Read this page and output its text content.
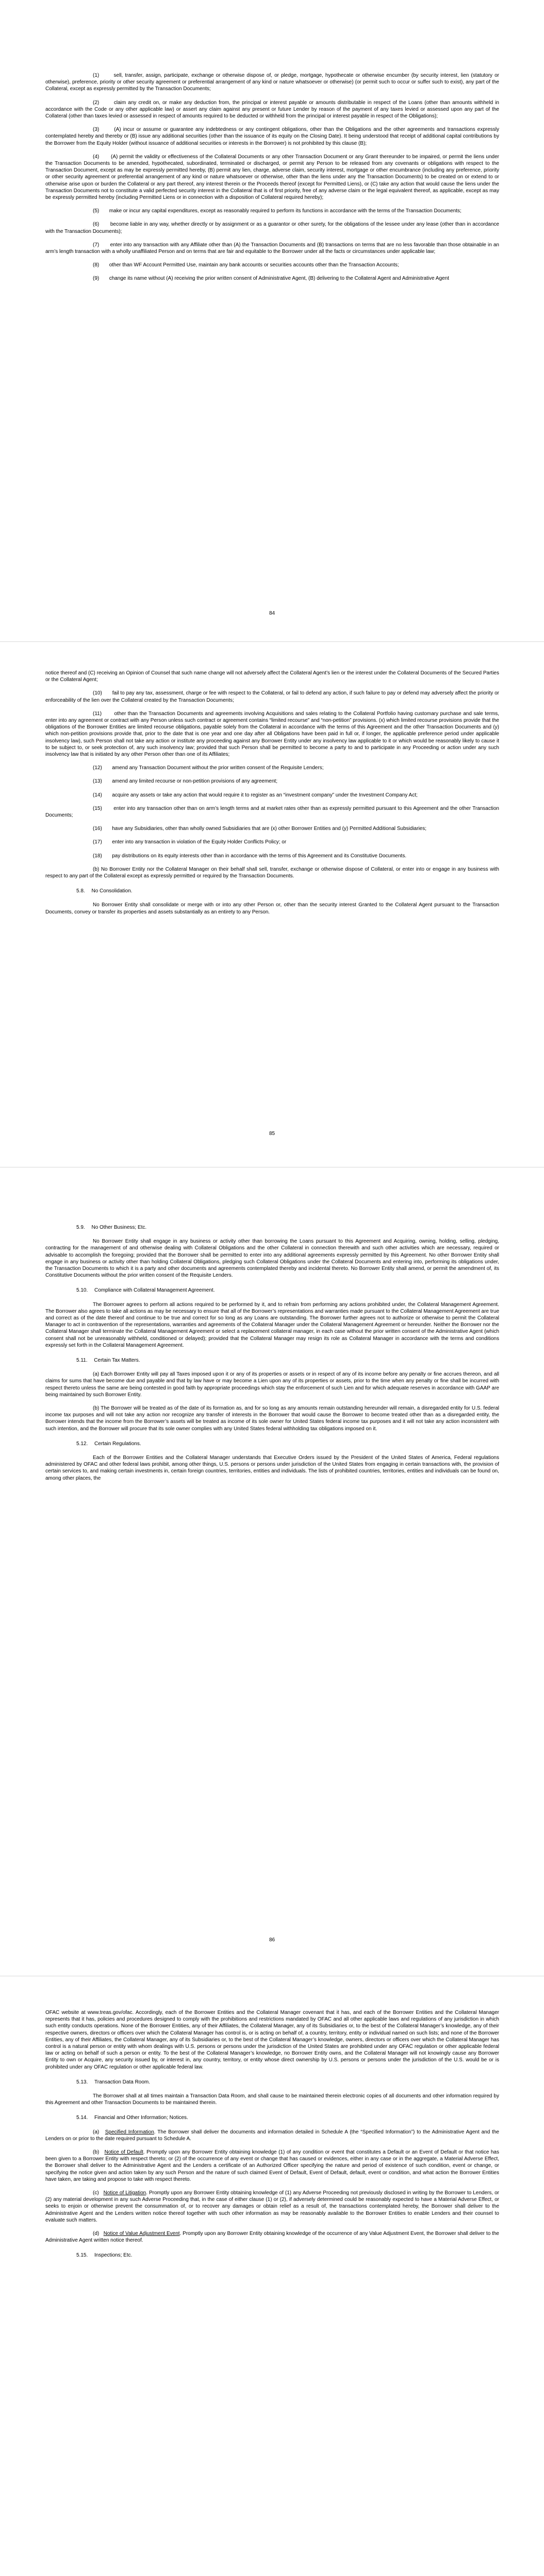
(1)	sell, transfer, assign, participate, exchange or otherwise dispose of, or pledge, mortgage, hypothecate or otherwise encumber (by security interest, lien (statutory or otherwise), preference, priority or other security agreement or preferential arrangement of any kind or nature whatsoever or otherwise) (or permit such to occur or suffer such to exist), any part of the Collateral, except as expressly permitted by the Transaction Documents;

(2)	claim any credit on, or make any deduction from, the principal or interest payable or amounts distributable in respect of the Loans (other than amounts withheld in accordance with the Code or any other applicable law) or assert any claim against any present or future Lender by reason of the payment of any taxes levied or assessed upon any part of the Collateral (other than taxes levied or assessed in respect of amounts required to be deducted or withheld from the principal or interest payable in respect of the Obligations);

(3)	(A) incur or assume or guarantee any indebtedness or any contingent obligations, other than the Obligations and the other agreements and transactions expressly contemplated hereby and thereby or (B) issue any additional securities (other than the issuance of its equity on the Closing Date). It being understood that receipt of additional capital contributions by the Borrower from the Equity Holder (without issuance of additional securities or interests in the Borrower) is not prohibited by this clause (B);

(4) (A) permit the validity or effectiveness of the Collateral Documents or any other Transaction Document or any Grant thereunder to be impaired, or permit the liens under the Transaction Documents to be amended, hypothecated, subordinated, terminated or discharged, or permit any Person to be released from any covenants or obligations with respect to the Transaction Document, except as may be expressly permitted hereby, (B) permit any lien, charge, adverse claim, security interest, mortgage or other encumbrance (including any preference, priority or other security agreement or preferential arrangement of any kind or nature whatsoever or otherwise, other than the liens under any the Transaction Documents) to be created on or extend to or otherwise arise upon or burden the Collateral or any part thereof, any interest therein or the Proceeds thereof (except for Permitted Liens), or (C) take any action that would cause the liens under the Transaction Documents not to constitute a valid perfected security interest in the Collateral that is of first priority, free of any adverse claim or the legal equivalent thereof, as applicable, except as may be expressly permitted hereby (including Permitted Liens or in connection with a disposition of Collateral required hereby);

(5) make or incur any capital expenditures, except as reasonably required to perform its functions in accordance with the terms of the Transaction Documents;

(6) become liable in any way, whether directly or by assignment or as a guarantor or other surety, for the obligations of the lessee under any lease (other than in accordance with the Transaction Documents);

(7) enter into any transaction with any Affiliate other than (A) the Transaction Documents and (B) transactions on terms that are no less favorable than those obtainable in an arm’s length transaction with a wholly unaffiliated Person and on terms that are fair and equitable to the Borrower under all the facts or circumstances under applicable law;

(8) other than WF Account Permitted Use, maintain any bank accounts or securities accounts other than the Transaction Accounts;

(9) change its name without (A) receiving the prior written consent of Administrative Agent, (B) delivering to the Collateral Agent and Administrative Agent

84

notice thereof and (C) receiving an Opinion of Counsel that such name change will not adversely affect the Collateral Agent’s lien or the interest under the Collateral Documents of the Secured Parties or the Collateral Agent;

(10) fail to pay any tax, assessment, charge or fee with respect to the Collateral, or fail to defend any action, if such failure to pay or defend may adversely affect the priority or enforceability of the lien over the Collateral created by the Transaction Documents;

(11) other than the Transaction Documents and agreements involving Acquisitions and sales relating to the Collateral Portfolio having customary purchase and sale terms, enter into any agreement or contract with any Person unless such contract or agreement contains “limited recourse” and “non-petition” provisions. (x) which limited recourse provisions provide that the obligations of the Borrower Entities are limited recourse obligations, payable solely from the Collateral in accordance with the terms of this Agreement and the other Transaction Documents and (y) which non-petition provisions provide that, prior to the date that is one year and one day after all Obligations have been paid in full or, if longer, the applicable preference period under applicable insolvency law), such Person shall not take any action or institute any proceeding against any Borrower Entity under any insolvency law applicable to it or which would be reasonably likely to cause it to be subject to, or seek protection of, any such insolvency law; provided that such Person shall be permitted to become a party to and to participate in any Proceeding or action under any such insolvency law that is initiated by any other Person other than one of its Affiliates;

(12) amend any Transaction Document without the prior written consent of the Requisite Lenders;

(13) amend any limited recourse or non-petition provisions of any agreement;

(14) acquire any assets or take any action that would require it to register as an “investment company” under the Investment Company Act;

(15) enter into any transaction other than on arm’s length terms and at market rates other than as expressly permitted pursuant to this Agreement and the other Transaction Documents;

(16) have any Subsidiaries, other than wholly owned Subsidiaries that are (x) other Borrower Entities and (y) Permitted Additional Subsidiaries;

(17) enter into any transaction in violation of the Equity Holder Conflicts Policy; or

(18) pay distributions on its equity interests other than in accordance with the terms of this Agreement and its Constitutive Documents.

(b) No Borrower Entity nor the Collateral Manager on their behalf shall sell, transfer, exchange or otherwise dispose of Collateral, or enter into or engage in any business with respect to any part of the Collateral except as expressly permitted or required by the Transaction Documents.

5.8. No Consolidation.

No Borrower Entity shall consolidate or merge with or into any other Person or, other than the security interest Granted to the Collateral Agent pursuant to the Transaction Documents, convey or transfer its properties and assets substantially as an entirety to any Person.

85
5.9. No Other Business; Etc.

No Borrower Entity shall engage in any business or activity other than borrowing the Loans pursuant to this Agreement and Acquiring, owning, holding, selling, pledging, contracting for the management of and otherwise dealing with Collateral Obligations and the other Collateral in connection therewith and such other activities which are necessary, required or advisable to accomplish the foregoing; provided that the Borrower shall be permitted to enter into any additional agreements expressly permitted by this Agreement. No other Borrower Entity shall engage in any business or activity other than holding Collateral Obligations, pledging such Collateral Obligations under the Collateral Documents and entering into, performing its obligations under, the Transaction Documents to which it is a party and other documents and agreements contemplated thereby and incidental thereto. No Borrower Entity shall amend, or permit the amendment of, its Constitutive Documents without the prior written consent of the Requisite Lenders.

5.10. Compliance with Collateral Management Agreement.

The Borrower agrees to perform all actions required to be performed by it, and to refrain from performing any actions prohibited under, the Collateral Management Agreement. The Borrower also agrees to take all actions as may be necessary to ensure that all of the Borrower’s representations and warranties made pursuant to the Collateral Management Agreement are true and correct as of the date thereof and continue to be true and correct for so long as any Loans are outstanding. The Borrower further agrees not to authorize or otherwise to permit the Collateral Manager to act in contravention of the representations, warranties and agreements of the Collateral Manager under the Collateral Management Agreement or hereunder. Neither the Borrower nor the Collateral Manager shall terminate the Collateral Management Agreement or select a replacement collateral manager, in each case without the prior written consent of the Administrative Agent (which consent shall not be unreasonably withheld, conditioned or delayed); provided that the Collateral Manager may resign its role as Collateral Manager in accordance with the terms and conditions expressly set forth in the Collateral Management Agreement.

5.11. Certain Tax Matters.

(a) Each Borrower Entity will pay all Taxes imposed upon it or any of its properties or assets or in respect of any of its income before any penalty or fine accrues thereon, and all claims for sums that have become due and payable and that by law have or may become a Lien upon any of its properties or assets, prior to the time when any penalty or fine shall be incurred with respect thereto unless the same are being contested in good faith by appropriate proceedings which stay the enforcement of such Lien and for which adequate reserves in accordance with GAAP are being maintained by such Borrower Entity.

(b) The Borrower will be treated as of the date of its formation as, and for so long as any amounts remain outstanding hereunder will remain, a disregarded entity for U.S. federal income tax purposes and will not take any action nor recognize any transfer of interests in the Borrower that would cause the Borrower to become treated other than as a disregarded entity, the Borrower intends that the income from the Borrower’s assets will be treated as income of its sole owner for United States federal income tax purposes and it will not take any action inconsistent with such intention, and the Borrower will procure that its sole owner complies with any United States federal withholding tax obligations imposed on it.

5.12. Certain Regulations.

Each of the Borrower Entities and the Collateral Manager understands that Executive Orders issued by the President of the United States of America, Federal regulations administered by OFAC and other federal laws prohibit, among other things, U.S. persons or persons under jurisdiction of the United States from engaging in certain transactions with, the provision of certain services to, and making certain investments in, certain foreign countries, territories, entities and individuals. The lists of prohibited countries, territories, entities and individuals can be found on, among other places, the

86

OFAC website at www.treas.gov/ofac. Accordingly, each of the Borrower Entities and the Collateral Manager covenant that it has, and each of the Borrower Entities and the Collateral Manager represents that it has, policies and procedures designed to comply with the prohibitions and restrictions mandated by OFAC and all other applicable laws and regulations of any jurisdiction in which such entity conducts operations. None of the Borrower Entities, any of their Affiliates, the Collateral Manager, any of its Subsidiaries or, to the best of the Collateral Manager’s knowledge, any of their respective owners, directors or officers over which the Collateral Manager has control is, or is acting on behalf of, a country, territory, entity or individual named on such lists; and none of the Borrower Entities, any of their Affiliates, the Collateral Manager, any of its Subsidiaries or, to the best of the Collateral Manager’s knowledge, owners, directors or officers over which the Collateral Manager has control is a natural person or entity with whom dealings with U.S. persons or persons under the jurisdiction of the United States are prohibited under any OFAC regulation or other applicable federal law or acting on behalf of such a person or entity. To the best of the Collateral Manager’s knowledge, no Borrower Entity owns, and the Collateral Manager will not knowingly cause any Borrower Entity to own or Acquire, any security issued by, or interest in, any country, territory, or entity whose direct ownership by U.S. persons or persons under the jurisdiction of the U.S. would be or is prohibited under any OFAC regulation or other applicable federal law.

5.13. Transaction Data Room.

The Borrower shall at all times maintain a Transaction Data Room, and shall cause to be maintained therein electronic copies of all documents and other information required by this Agreement and other Transaction Documents to be maintained therein.

5.14. Financial and Other Information; Notices.

(a)   Specified Information. The Borrower shall deliver the documents and information detailed in Schedule A (the “Specified Information”) to the Administrative Agent and the Lenders on or prior to the date required pursuant to Schedule A.

(b)   Notice of Default. Promptly upon any Borrower Entity obtaining knowledge (1) of any condition or event that constitutes a Default or an Event of Default or that notice has been given to a Borrower Entity with respect thereto; or (2) of the occurrence of any event or change that has caused or evidences, either in any case or in the aggregate, a Material Adverse Effect, the Borrower shall deliver to the Administrative Agent and the Lenders a certificate of an Authorized Officer specifying the nature and period of existence of such condition, event or change, or specifying the notice given and action taken by any such Person and the nature of such claimed Event of Default, Event of Default, default, event or condition, and what action the Borrower Entities have taken, are taking and propose to take with respect thereto.

(c)   Notice of Litigation. Promptly upon any Borrower Entity obtaining knowledge of (1) any Adverse Proceeding not previously disclosed in writing by the Borrower to Lenders, or (2) any material development in any such Adverse Proceeding that, in the case of either clause (1) or (2), if adversely determined could be reasonably expected to have a Material Adverse Effect, or seeks to enjoin or otherwise prevent the consummation of, or to recover any damages or obtain relief as a result of, the transactions contemplated hereby, the Borrower shall deliver to the Administrative Agent and the Lenders written notice thereof together with such other information as may be reasonably available to the Borrower Entities to enable Lenders and their counsel to evaluate such matters.

(d)   Notice of Value Adjustment Event. Promptly upon any Borrower Entity obtaining knowledge of the occurrence of any Value Adjustment Event, the Borrower shall deliver to the Administrative Agent written notice thereof.

5.15. Inspections; Etc.
